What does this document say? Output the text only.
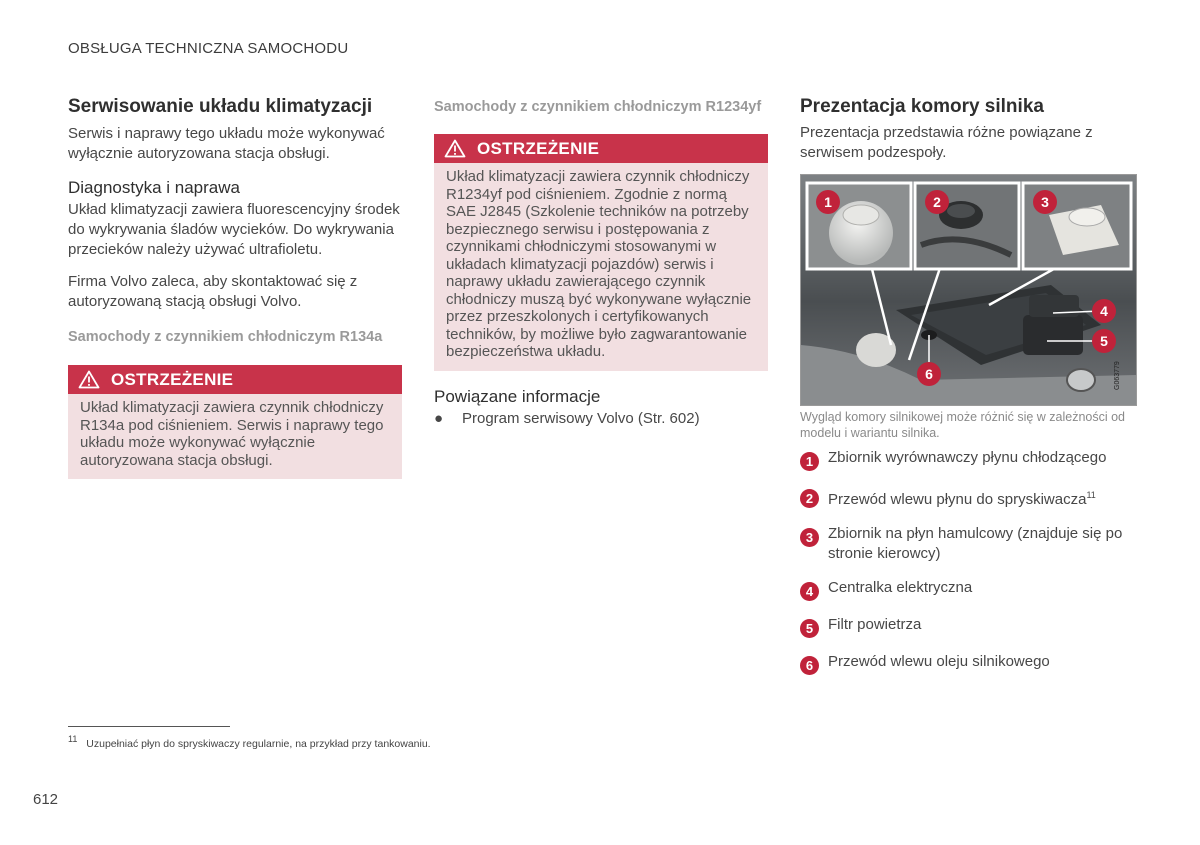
OBSŁUGA TECHNICZNA SAMOCHODU
Serwisowanie układu klimatyzacji

Serwis i naprawy tego układu może wykonywać wyłącznie autoryzowana stacja obsługi.

Diagnostyka i naprawa

Układ klimatyzacji zawiera fluorescencyjny środek do wykrywania śladów wycieków. Do wykrywania przecieków należy używać ultrafioletu.

Firma Volvo zaleca, aby skontaktować się z autoryzowaną stacją obsługi Volvo.

Samochody z czynnikiem chłodniczym R134a
OSTRZEŻENIE
Układ klimatyzacji zawiera czynnik chłodniczy R134a pod ciśnieniem. Serwis i naprawy tego układu może wykonywać wyłącznie autoryzowana stacja obsługi.
Samochody z czynnikiem chłodniczym R1234yf
OSTRZEŻENIE
Układ klimatyzacji zawiera czynnik chłodniczy R1234yf pod ciśnieniem. Zgodnie z normą SAE J2845 (Szkolenie techników na potrzeby bezpiecznego serwisu i postępowania z czynnikami chłodniczymi stosowanymi w układach klimatyzacji pojazdów) serwis i naprawy układu zawierającego czynnik chłodniczy muszą być wykonywane wyłącznie przez przeszkolonych i certyfikowanych techników, by możliwe było zagwarantowanie bezpieczeństwa układu.
Powiązane informacje
●	Program serwisowy Volvo (Str. 602)
Prezentacja komory silnika

Prezentacja przedstawia różne powiązane z serwisem podzespoły.

1	2	3
4
5
6	G063779
Wygląd komory silnikowej może różnić się w zależności od modelu i wariantu silnika.
1 Zbiornik wyrównawczy płynu chłodzącego
2 Przewód wlewu płynu do spryskiwacza$^{11}$
3 Zbiornik na płyn hamulcowy (znajduje się po stronie kierowcy)
4 Centralka elektryczna
5 Filtr powietrza
6 Przewód wlewu oleju silnikowego
$^{11}$ Uzupełniać płyn do spryskiwaczy regularnie, na przykład przy tankowaniu.
612
